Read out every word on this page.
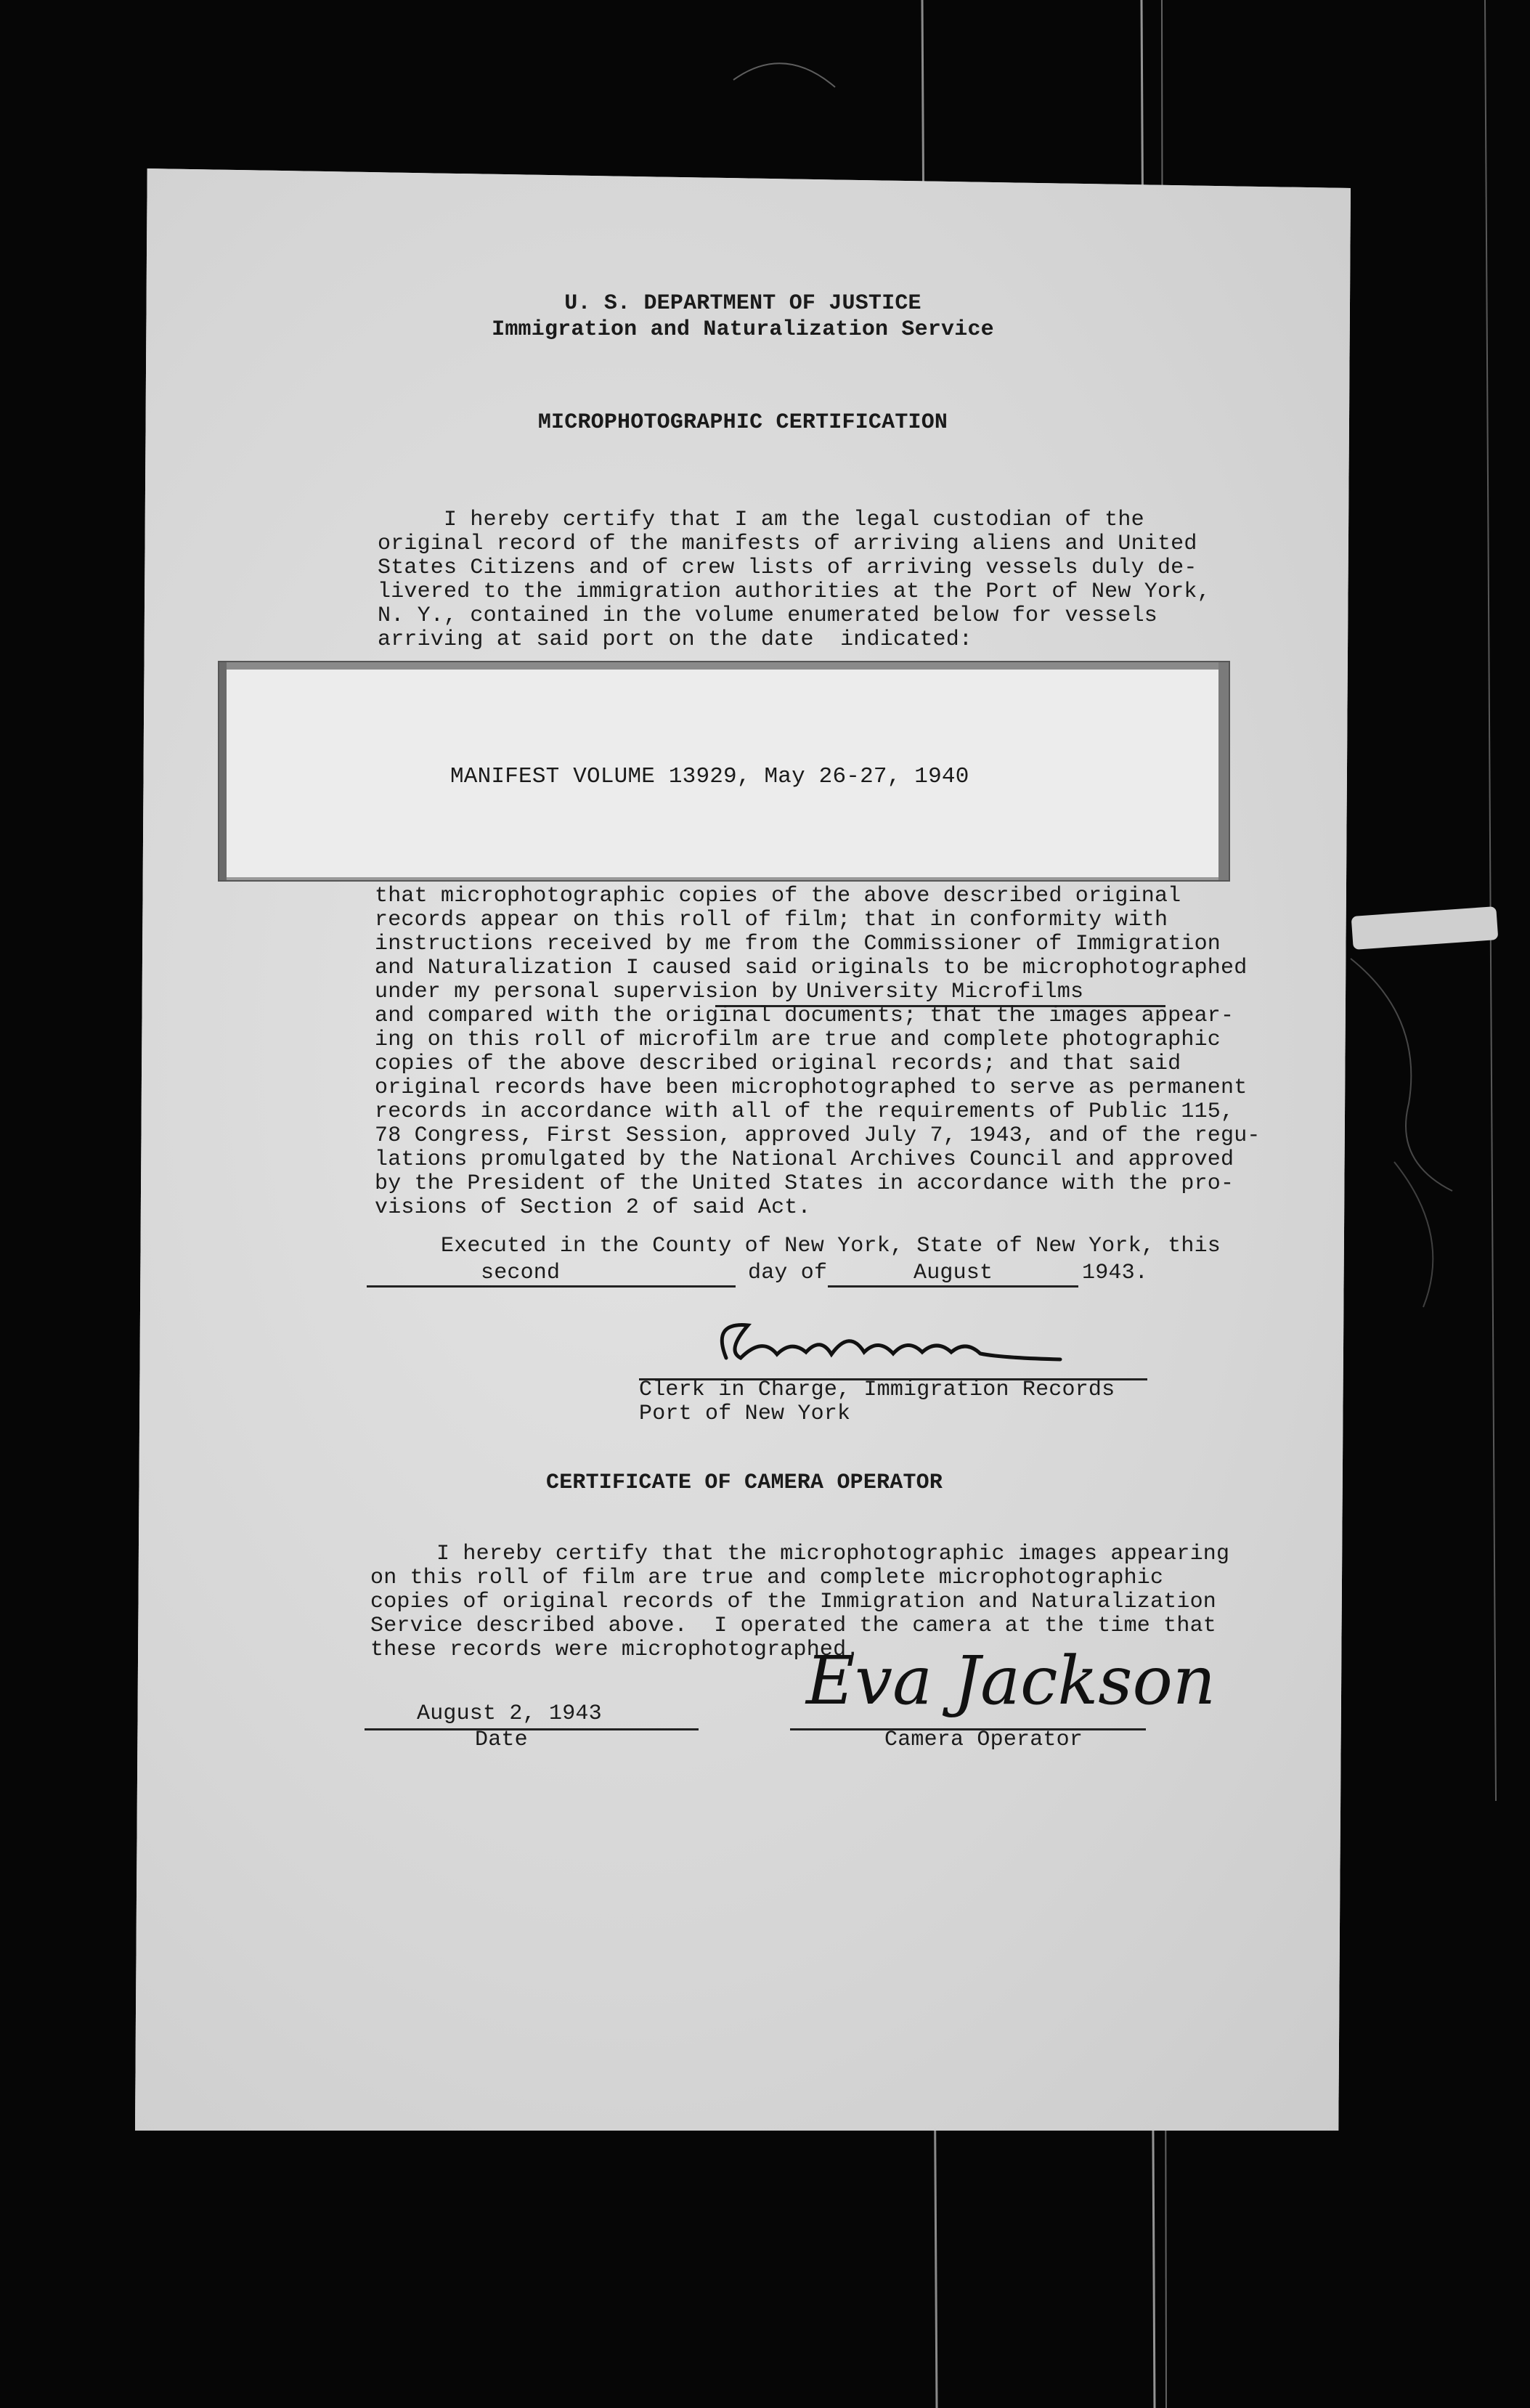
U. S. DEPARTMENT OF JUSTICE
Immigration and Naturalization Service
MICROPHOTOGRAPHIC CERTIFICATION
I hereby certify that I am the legal custodian of the
original record of the manifests of arriving aliens and United
States Citizens and of crew lists of arriving vessels duly de-
livered to the immigration authorities at the Port of New York,
N. Y., contained in the volume enumerated below for vessels
arriving at said port on the date  indicated:
MANIFEST VOLUME 13929, May 26-27, 1940
that microphotographic copies of the above described original
records appear on this roll of film; that in conformity with
instructions received by me from the Commissioner of Immigration
and Naturalization I caused said originals to be microphotographed
under my personal supervision by University Microfilms
and compared with the original documents; that the images appear-
ing on this roll of microfilm are true and complete photographic
copies of the above described original records; and that said
original records have been microphotographed to serve as permanent
records in accordance with all of the requirements of Public 115,
78 Congress, First Session, approved July 7, 1943, and of the regu-
lations promulgated by the National Archives Council and approved
by the President of the United States in accordance with the pro-
visions of Section 2 of said Act.
Executed in the County of New York, State of New York, this
second	day of	August	1943.
Clerk in Charge, Immigration Records
Port of New York
CERTIFICATE OF CAMERA OPERATOR
I hereby certify that the microphotographic images appearing
on this roll of film are true and complete microphotographic
copies of original records of the Immigration and Naturalization
Service described above.  I operated the camera at the time that
these records were microphotographed.
August 2, 1943
Date
Eva Jackson
Camera Operator
